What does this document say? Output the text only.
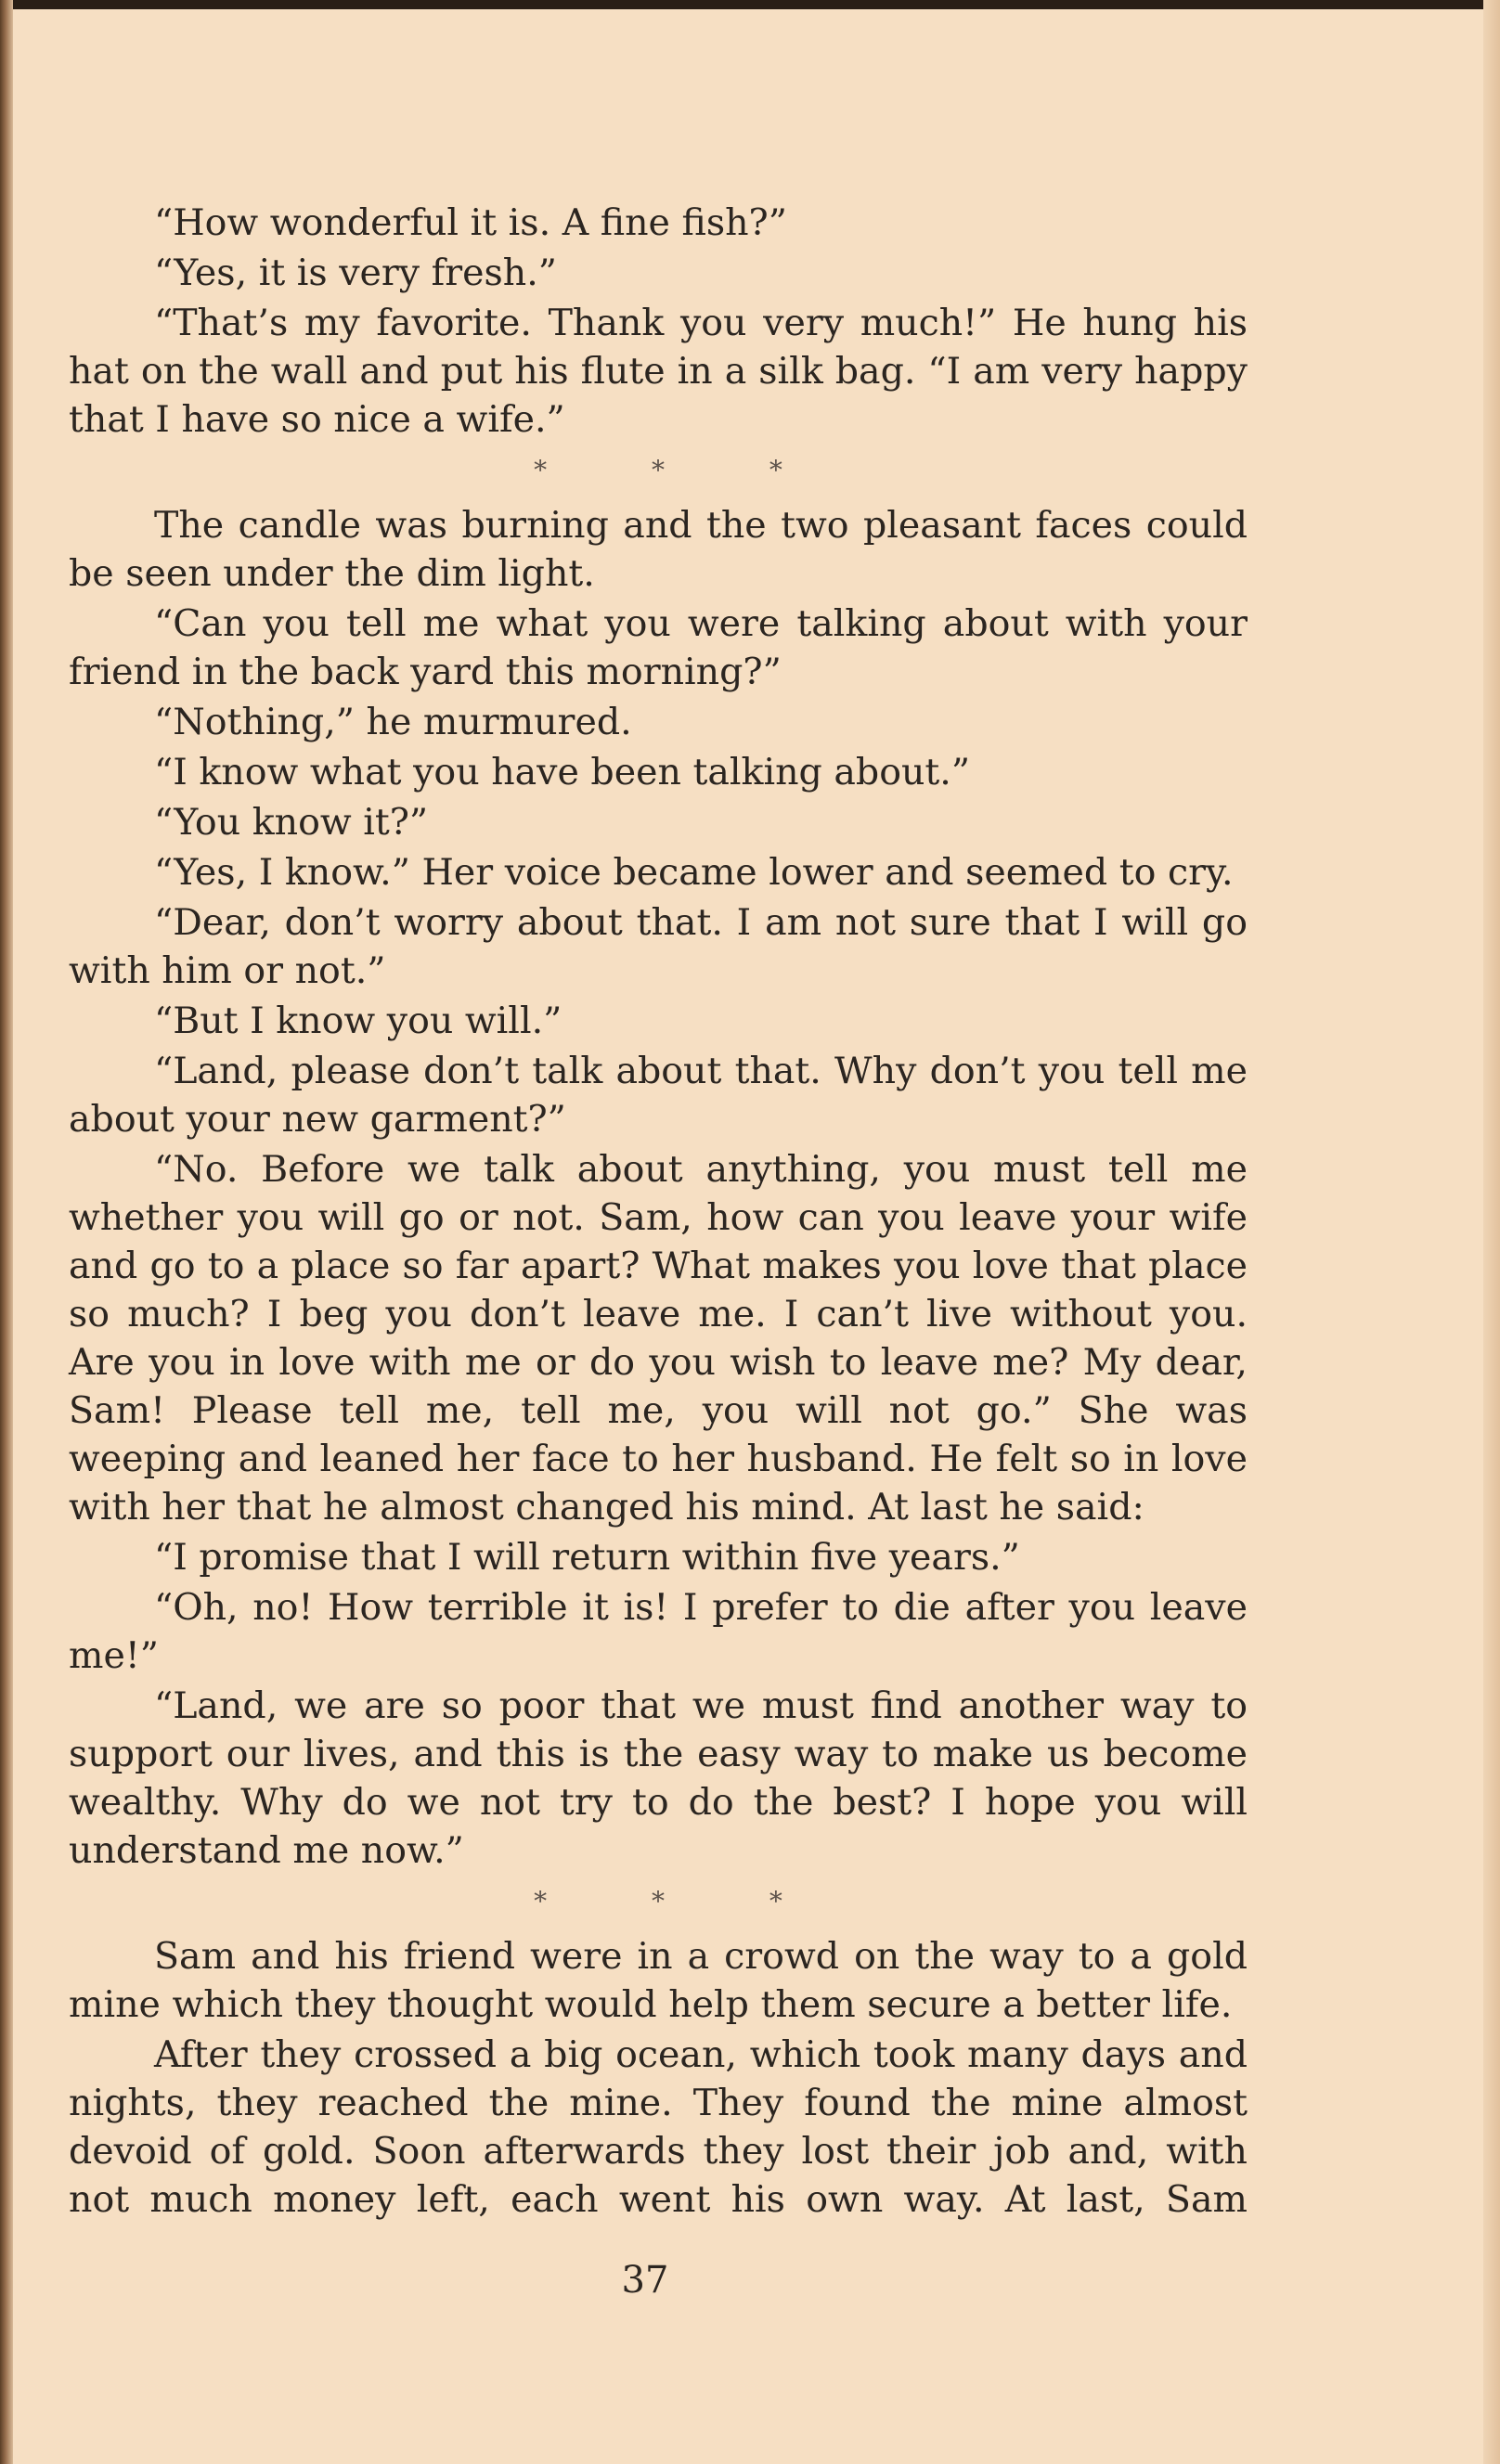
“How wonderful it is. A fine fish?”

“Yes, it is very fresh.”

“That’s my favorite. Thank you very much!” He hung his hat on the wall and put his flute in a silk bag. “I am very happy that I have so nice a wife.”

* * *

The candle was burning and the two pleasant faces could be seen under the dim light.

“Can you tell me what you were talking about with your friend in the back yard this morning?”

“Nothing,” he murmured.

“I know what you have been talking about.”

“You know it?”

“Yes, I know.” Her voice became lower and seemed to cry.

“Dear, don’t worry about that. I am not sure that I will go with him or not.”

“But I know you will.”

“Land, please don’t talk about that. Why don’t you tell me about your new garment?”

“No. Before we talk about anything, you must tell me whether you will go or not. Sam, how can you leave your wife and go to a place so far apart? What makes you love that place so much? I beg you don’t leave me. I can’t live without you. Are you in love with me or do you wish to leave me? My dear, Sam! Please tell me, tell me, you will not go.” She was weeping and leaned her face to her husband. He felt so in love with her that he almost changed his mind. At last he said:

“I promise that I will return within five years.”

“Oh, no! How terrible it is! I prefer to die after you leave me!”

“Land, we are so poor that we must find another way to support our lives, and this is the easy way to make us become wealthy. Why do we not try to do the best? I hope you will understand me now.”

* * *

Sam and his friend were in a crowd on the way to a gold mine which they thought would help them secure a better life.

After they crossed a big ocean, which took many days and nights, they reached the mine. They found the mine almost devoid of gold. Soon afterwards they lost their job and, with not much money left, each went his own way. At last, Sam

37
